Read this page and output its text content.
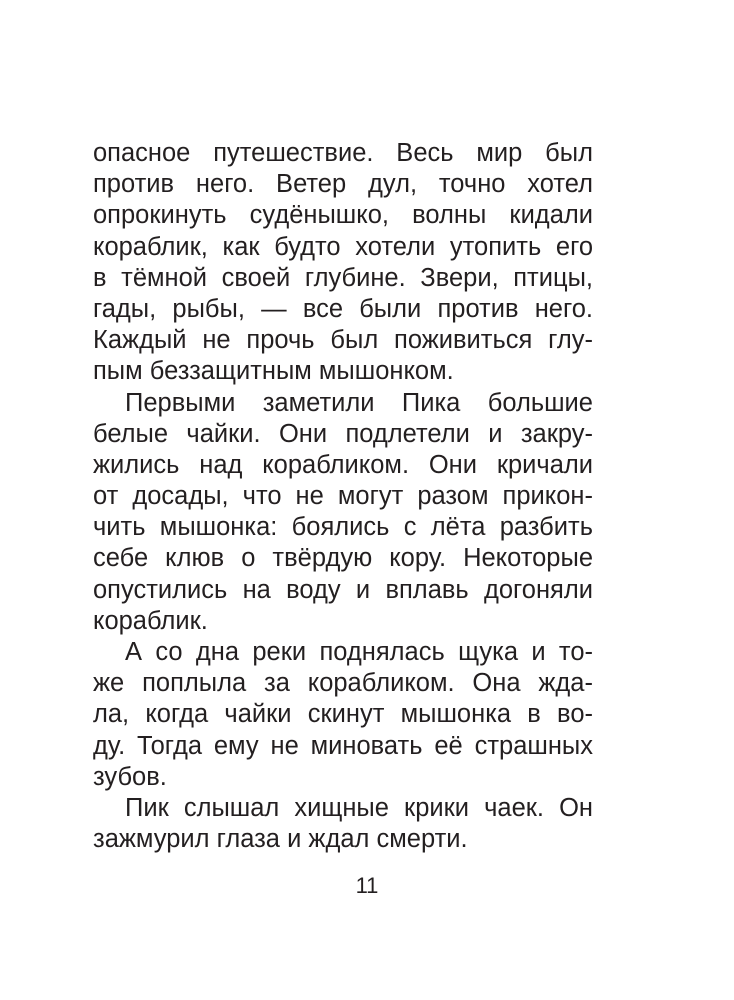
опасное путешествие. Весь мир был
против него. Ветер дул, точно хотел
опрокинуть судёнышко, волны кидали
кораблик, как будто хотели утопить его
в тёмной своей глубине. Звери, птицы,
гады, рыбы, — все были против него.
Каждый не прочь был поживиться глу-
пым беззащитным мышонком.
Первыми заметили Пика большие
белые чайки. Они подлетели и закру-
жились над корабликом. Они кричали
от досады, что не могут разом прикон-
чить мышонка: боялись с лёта разбить
себе клюв о твёрдую кору. Некоторые
опустились на воду и вплавь догоняли
кораблик.
А со дна реки поднялась щука и то-
же поплыла за корабликом. Она жда-
ла, когда чайки скинут мышонка в во-
ду. Тогда ему не миновать её страшных
зубов.
Пик слышал хищные крики чаек. Он
зажмурил глаза и ждал смерти.
11
